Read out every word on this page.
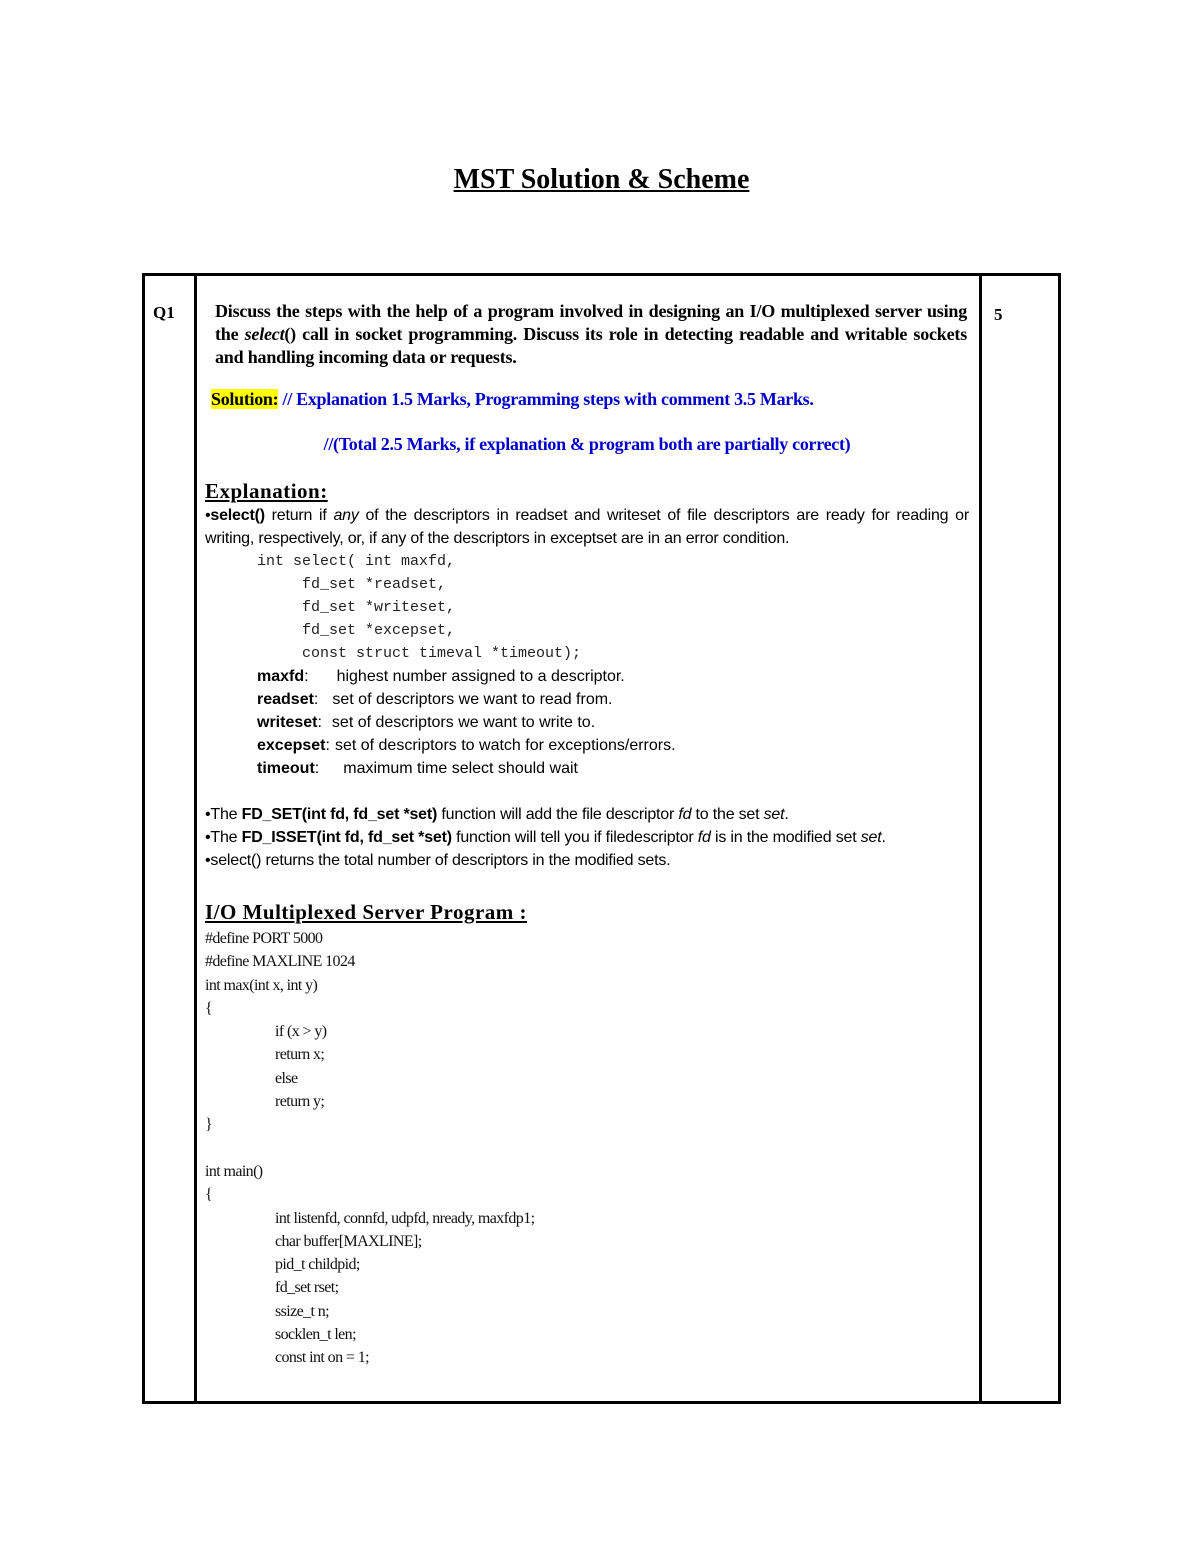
MST Solution & Scheme
Q1	5

Discuss the steps with the help of a program involved in designing an I/O multiplexed server using the select() call in socket programming. Discuss its role in detecting readable and writable sockets and handling incoming data or requests.

Solution: // Explanation 1.5 Marks, Programming steps with comment 3.5 Marks.
//(Total 2.5 Marks, if explanation & program both are partially correct)
Explanation:

•select() return if any of the descriptors in readset and writeset of file descriptors are ready for reading or writing, respectively, or, if any of the descriptors in exceptset are in an error condition.

int select( int maxfd,
fd_set *readset,
fd_set *writeset,
fd_set *excepset,
const struct timeval *timeout);
maxfd : highest number assigned to a descriptor.
readset : set of descriptors we want to read from.
writeset : set of descriptors we want to write to.
excepset : set of descriptors to watch for exceptions/errors.
timeout : maximum time select should wait

•The FD_SET(int fd, fd_set *set) function will add the file descriptor fd to the set set.

•The FD_ISSET(int fd, fd_set *set) function will tell you if filedescriptor fd is in the modified set set.

•select() returns the total number of descriptors in the modified sets.

I/O Multiplexed Server Program :
#define PORT 5000
#define MAXLINE 1024
int max(int x, int y)
{
if (x > y)
return x;
else
return y;
}

int main()
{
int listenfd, connfd, udpfd, nready, maxfdp1;
char buffer[MAXLINE];
pid_t childpid;
fd_set rset;
ssize_t n;
socklen_t len;
const int on = 1;
